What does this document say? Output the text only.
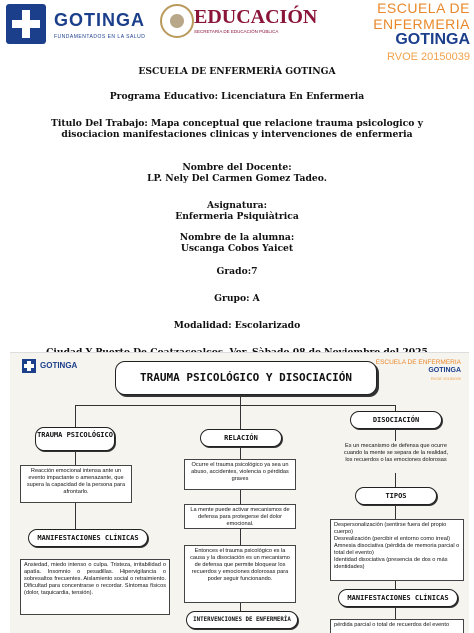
GOTINGA
FUNDAMENTADOS EN LA SALUD
EDUCACIÓN
SECRETARÍA DE EDUCACIÓN PÚBLICA
ESCUELA DE ENFERMERIA
GOTINGA
RVOE 20150039

ESCUELA DE ENFERMERÌA GOTINGA

Programa Educativo: Licenciatura En Enfermeria

Titulo Del Trabajo: Mapa conceptual que relacione trauma psicologico y

disociacion manifestaciones clinicas y intervenciones de enfermeria

Nombre del Docente:

LP. Nely Del Carmen Gomez Tadeo.

Asignatura:

Enfermeria Psiquiàtrica

Nombre de la alumna:

Uscanga Cobos Yaicet

Grado:7

Grupo: A

Modalidad: Escolarizado

GOTINGA	ESCUELA DE ENFERMERIA
GOTINGA
RVOE 20150039
TRAUMA PSICOLÓGICO Y DISOCIACIÓN
TRAUMA PSICOLÓGICO
Reacción emocional intensa ante un evento impactante o amenazante, que supera la capacidad de la persona para afrontarlo.
MANIFESTACIONES CLÍNICAS
Ansiedad, miedo intenso o culpa. Tristeza, irritabilidad o apatía. Insomnio o pesadillas. Hipervigilancia o sobresaltos frecuentes. Aislamiento social o retraimiento. Dificultad para concentrarse o recordar. Síntomas físicos (dolor, taquicardia, tensión).
RELACIÓN
Ocurre el trauma psicológico ya sea un abuso, accidentes, violencia o pérdidas graves
La mente puede activar mecanismos de defensa para protegerse del dolor emocional.
Entonces el trauma psicológico es la causa y la disociación es un mecanismo de defensa que permite bloquear los recuerdos y emociones dolorosas para poder seguir funcionando.
INTERVENCIONES DE ENFERMERÍA
DISOCIACIÓN
Es un mecanismo de defensa que ocurre cuando la mente se separa de la realidad, los recuerdos o las emociones dolorosas
TIPOS
Despersonalización (sentirse fuera del propio cuerpo)
Desrealización (percibir el entorno como irreal)
Amnesia disociativa (pérdida de memoria parcial o total del evento)
Identidad disociativa (presencia de dos o más identidades)
MANIFESTACIONES CLÍNICAS
pérdida parcial o total de recuerdos del evento
